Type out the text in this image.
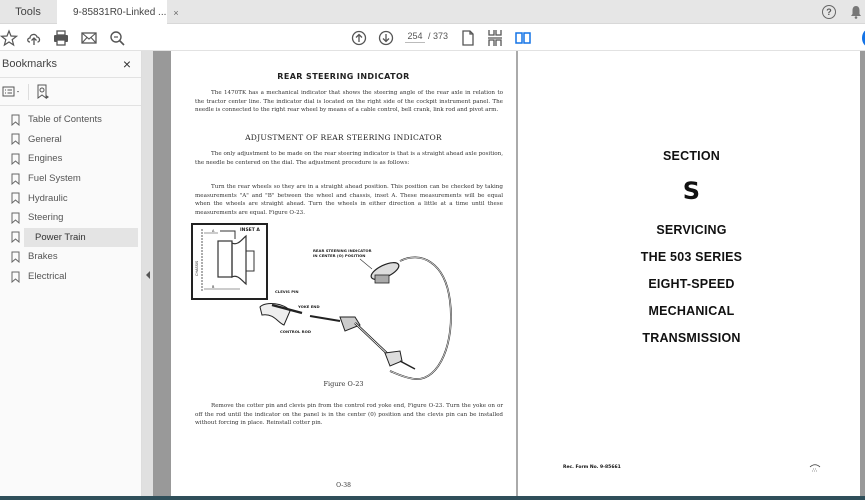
Tools	9-85831R0-Linked ... ×	?
254 / 373
Bookmarks	×
Table of Contents
General
Engines
Fuel System
Hydraulic
Steering
Power Train
Brakes
Electrical
REAR STEERING INDICATOR
The 1470TK has a mechanical indicator that shows the steering angle of the rear axle in relation to the tractor center line. The indicator dial is located on the right side of the cockpit instrument panel. The needle is connected to the right rear wheel by means of a cable control, bell crank, link rod and pivot arm.
ADJUSTMENT OF REAR STEERING INDICATOR
The only adjustment to be made on the rear steering indicator is that is a straight ahead axle position, the needle be centered on the dial. The adjustment procedure is as follows:
Turn the rear wheels so they are in a straight ahead position. This position can be checked by taking measurements "A" and "B" between the wheel and chassis, inset A. These measurements will be equal when the wheels are straight ahead. Turn the wheels in either direction a little at a time until these measurements are equal. Figure O-23.
INSET A
CHASSIS
A
B
REAR STEERING INDICATOR
IN CENTER (O) POSITION
CLEVIS PIN
YOKE END
CONTROL ROD
Figure O-23
Remove the cotter pin and clevis pin from the control rod yoke end, Figure O-23. Turn the yoke on or off the rod until the indicator on the panel is in the center (0) position and the clevis pin can be installed without forcing in place. Reinstall cotter pin.
O-38
SECTION
S
SERVICING
THE 503 SERIES
EIGHT-SPEED
MECHANICAL
TRANSMISSION
Rec. Form No. 9-85661
